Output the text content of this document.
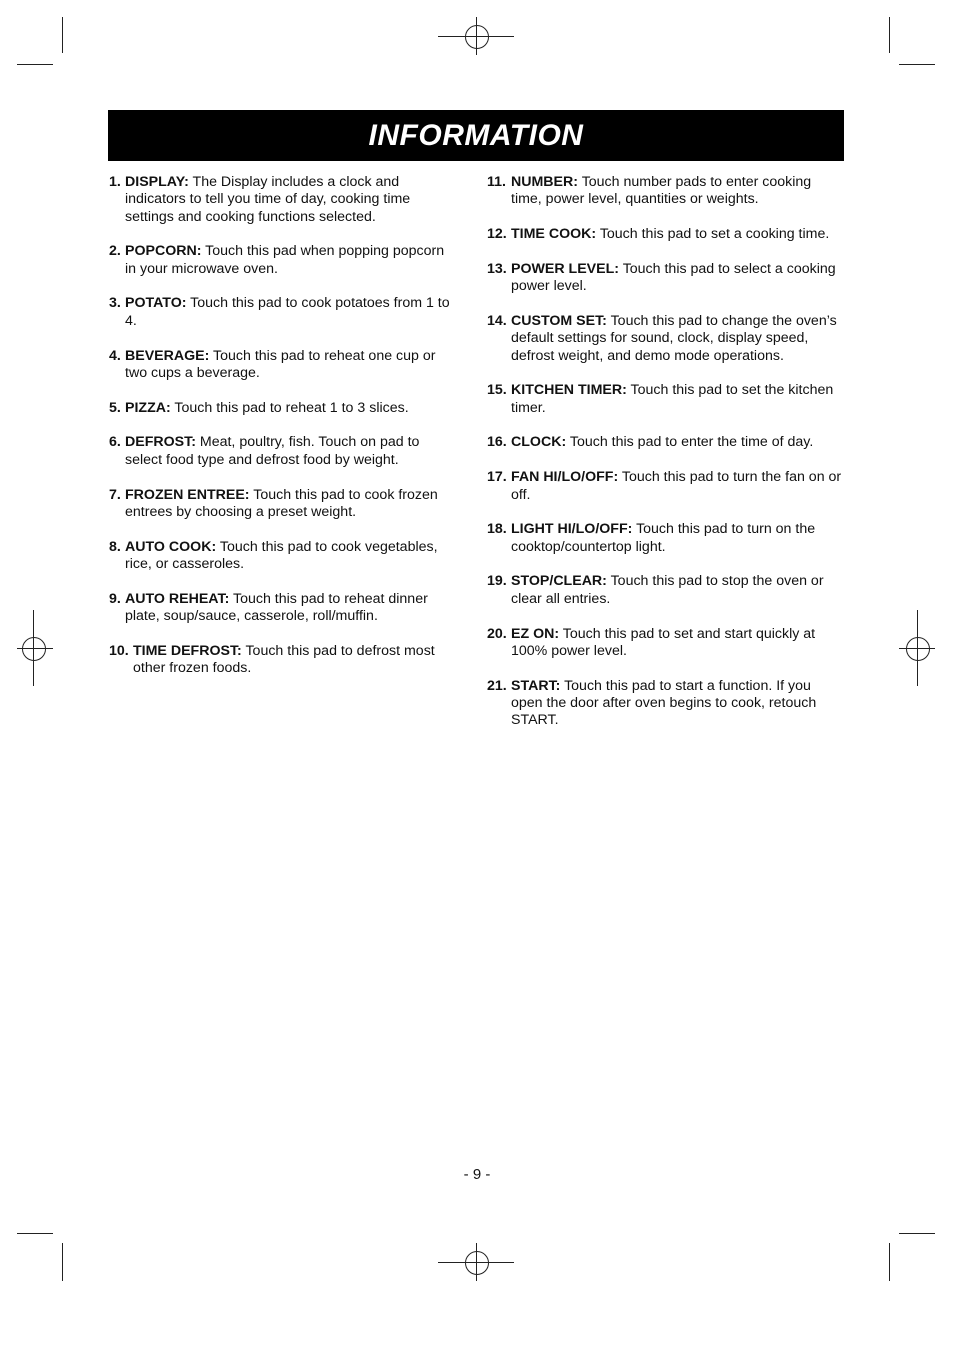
INFORMATION
1. DISPLAY: The Display includes a clock and indicators to tell you time of day, cooking time settings and cooking functions selected.
2. POPCORN: Touch this pad when popping popcorn in your microwave oven.
3. POTATO: Touch this pad to cook potatoes from 1 to 4.
4. BEVERAGE: Touch this pad to reheat one cup or two cups a beverage.
5. PIZZA: Touch this pad to reheat 1 to 3 slices.
6. DEFROST: Meat, poultry, fish. Touch on pad to select food type and defrost food by weight.
7. FROZEN ENTREE: Touch this pad to cook frozen entrees by choosing a preset weight.
8. AUTO COOK: Touch this pad to cook vegetables, rice, or casseroles.
9. AUTO REHEAT: Touch this pad to reheat dinner plate, soup/sauce, casserole, roll/muffin.
10. TIME DEFROST: Touch this pad to defrost most other frozen foods.
11. NUMBER: Touch number pads to enter cooking time, power level, quantities or weights.
12. TIME COOK: Touch this pad to set a cooking time.
13. POWER LEVEL: Touch this pad to select a cooking power level.
14. CUSTOM SET: Touch this pad to change the oven’s default settings for sound, clock, display speed, defrost weight, and demo mode operations.
15. KITCHEN TIMER: Touch this pad to set the kitchen timer.
16. CLOCK: Touch this pad to enter the time of day.
17. FAN HI/LO/OFF: Touch this pad to turn the fan on or off.
18. LIGHT HI/LO/OFF: Touch this pad to turn on the cooktop/countertop light.
19. STOP/CLEAR: Touch this pad to stop the oven or clear all entries.
20. EZ ON: Touch this pad to set and start quickly at 100% power level.
21. START: Touch this pad to start a function. If you open the door after oven begins to cook, retouch START.
- 9 -
